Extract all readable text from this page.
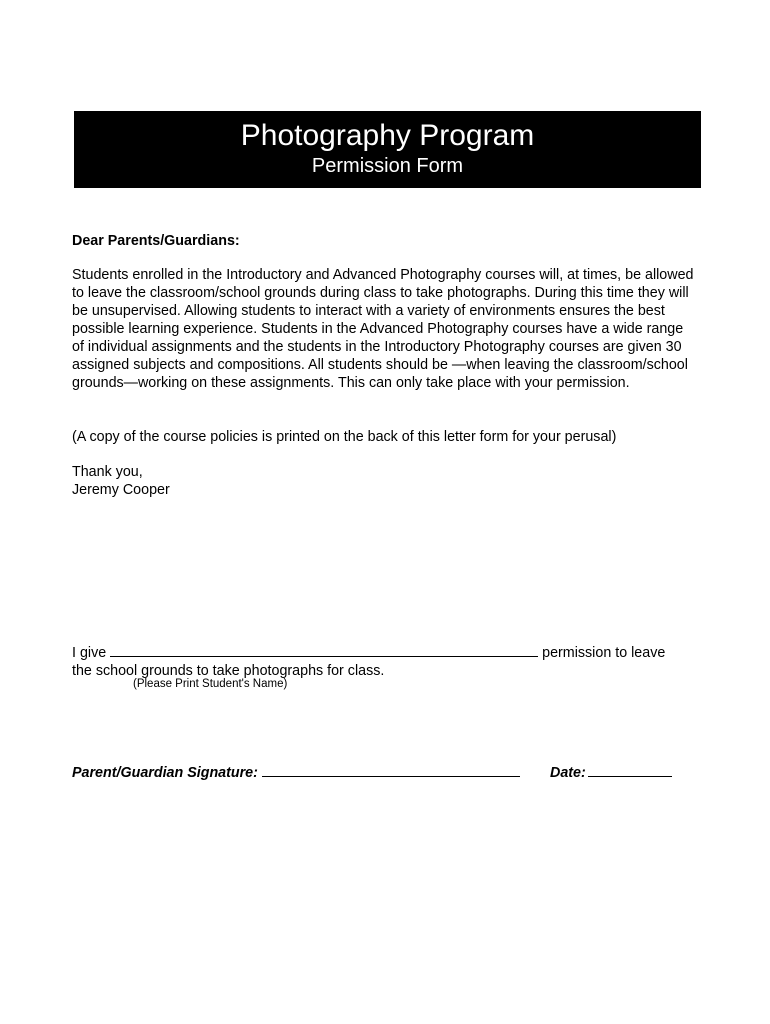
Photography Program
Permission Form
Dear Parents/Guardians:
Students enrolled in the Introductory and Advanced Photography courses will, at times, be allowed to leave the classroom/school grounds during class to take photographs. During this time they will be unsupervised. Allowing students to interact with a variety of environments ensures the best possible learning experience. Students in the Advanced Photography courses have a wide range of individual assignments and the students in the Introductory Photography courses are given 30 assigned subjects and compositions. All students should be —when leaving the classroom/school grounds—working on these assignments. This can only take place with your permission.
(A copy of the course policies is printed on the back of this letter form for your perusal)
Thank you,
Jeremy Cooper
I give	permission to leave
the school grounds to take photographs for class.
(Please Print Student's Name)
Parent/Guardian Signature:	Date:
